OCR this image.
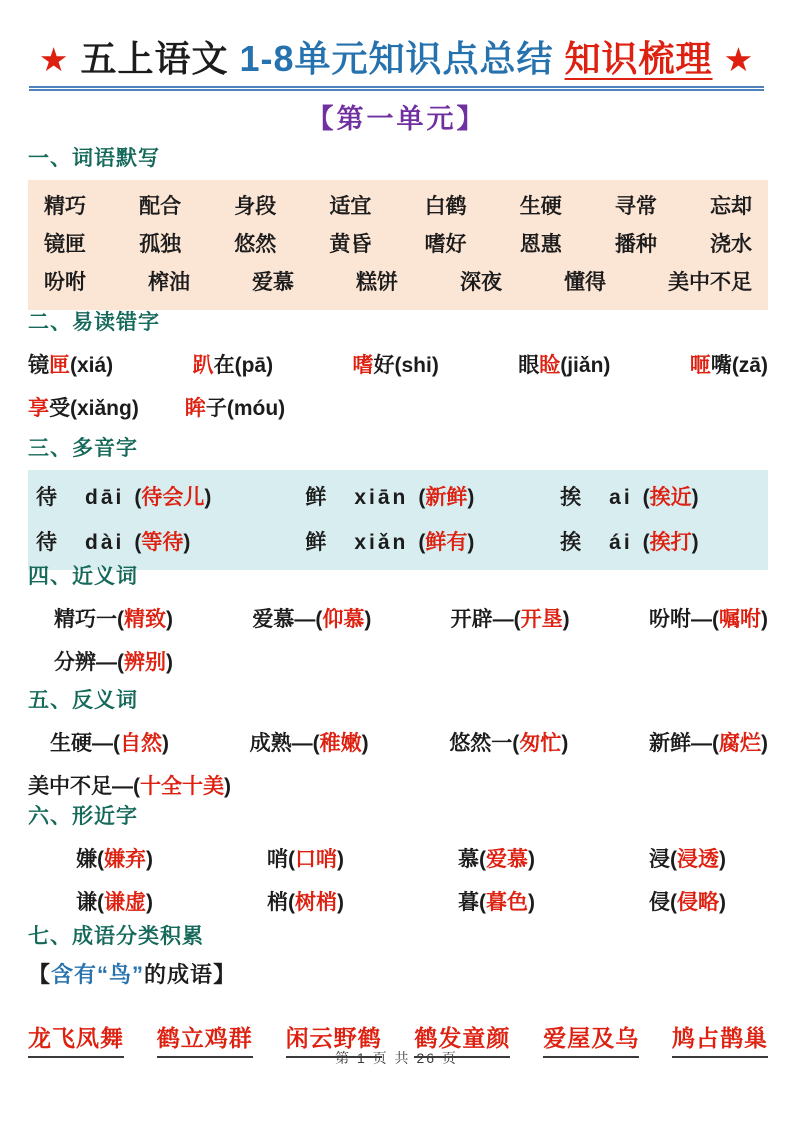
★ 五上语文 1-8单元知识点总结 知识梳理 ★
【第一单元】
一、词语默写
精巧	配合	身段	适宜	白鹤	生硬	寻常	忘却
镜匣	孤独	悠然	黄昏	嗜好	恩惠	播种	浇水
吩咐	榨油	爱慕	糕饼	深夜	懂得	美中不足
二、易读错字
镜匣(xiá)	趴在(pā)	嗜好(shi)	眼睑(jiǎn)	咂嘴(zā)
享受(xiǎng) 眸子(móu)
三、多音字
待 dāi (待会儿)	鲜 xiān (新鲜)	挨 ai (挨近)
待 dài (等待)	鲜 xiǎn (鲜有)	挨 ái (挨打)
四、近义词
精巧一(精致)	爱慕—(仰慕)	开辟—(开垦)	吩咐—(嘱咐)
分辨—(辨别)
五、反义词
生硬—(自然)	成熟—(稚嫩)	悠然一(匆忙)	新鲜—(腐烂)
美中不足—(十全十美)
六、形近字
嫌(嫌弃)	哨(口哨)	慕(爱慕)	浸(浸透)
谦(谦虚)	梢(树梢)	暮(暮色)	侵(侵略)
七、成语分类积累
【含有“鸟”的成语】
龙飞凤舞 鹤立鸡群 闲云野鹤 鹤发童颜 爱屋及乌 鸠占鹊巢
第 1 页 共 26 页
